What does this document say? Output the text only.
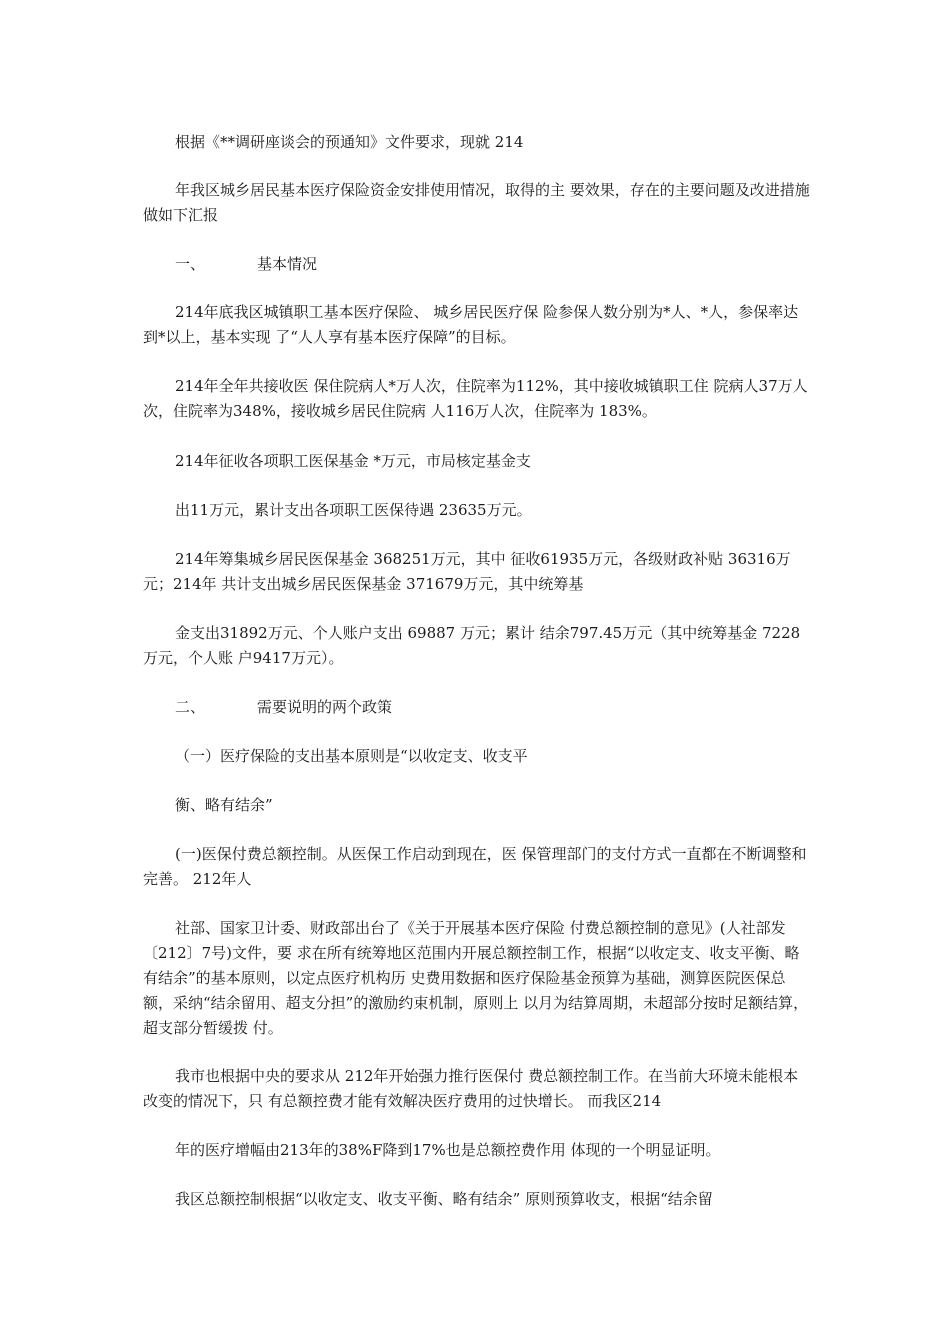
根据《**调研座谈会的预通知》文件要求，现就 214

年我区城乡居民基本医疗保险资金安排使用情况，取得的主 要效果，存在的主要问题及改进措施做如下汇报

一、	基本情况

214年底我区城镇职工基本医疗保险、 城乡居民医疗保 险参保人数分别为*人、*人，参保率达到*以上，基本实现 了“人人享有基本医疗保障”的目标。

214年全年共接收医 保住院病人*万人次，住院率为112%，其中接收城镇职工住 院病人37万人次，住院率为348%，接收城乡居民住院病 人116万人次，住院率为 183%。

214年征收各项职工医保基金 *万元，市局核定基金支

出11万元，累计支出各项职工医保待遇 23635万元。

214年筹集城乡居民医保基金 368251万元，其中 征收61935万元，各级财政补贴 36316万元；214年 共计支出城乡居民医保基金 371679万元，其中统筹基

金支出31892万元、个人账户支出 69887 万元；累计 结余797.45万元（其中统筹基金 7228万元，个人账 户9417万元）。

二、	需要说明的两个政策

（一）医疗保险的支出基本原则是“以收定支、收支平

衡、略有结余”

(一)医保付费总额控制。从医保工作启动到现在，医 保管理部门的支付方式一直都在不断调整和完善。 212年人

社部、国家卫计委、财政部出台了《关于开展基本医疗保险 付费总额控制的意见》(人社部发〔212〕7号)文件，要 求在所有统筹地区范围内开展总额控制工作，根据“以收定支、收支平衡、略有结余”的基本原则，以定点医疗机构历 史费用数据和医疗保险基金预算为基础，测算医院医保总 额，采纳“结余留用、超支分担”的激励约束机制，原则上 以月为结算周期，未超部分按时足额结算，超支部分暂缓拨 付。

我市也根据中央的要求从 212年开始强力推行医保付 费总额控制工作。在当前大环境未能根本改变的情况下，只 有总额控费才能有效解决医疗费用的过快增长。 而我区214

年的医疗增幅由213年的38%F降到17%也是总额控费作用 体现的一个明显证明。

我区总额控制根据“以收定支、收支平衡、略有结余” 原则预算收支，根据“结余留
